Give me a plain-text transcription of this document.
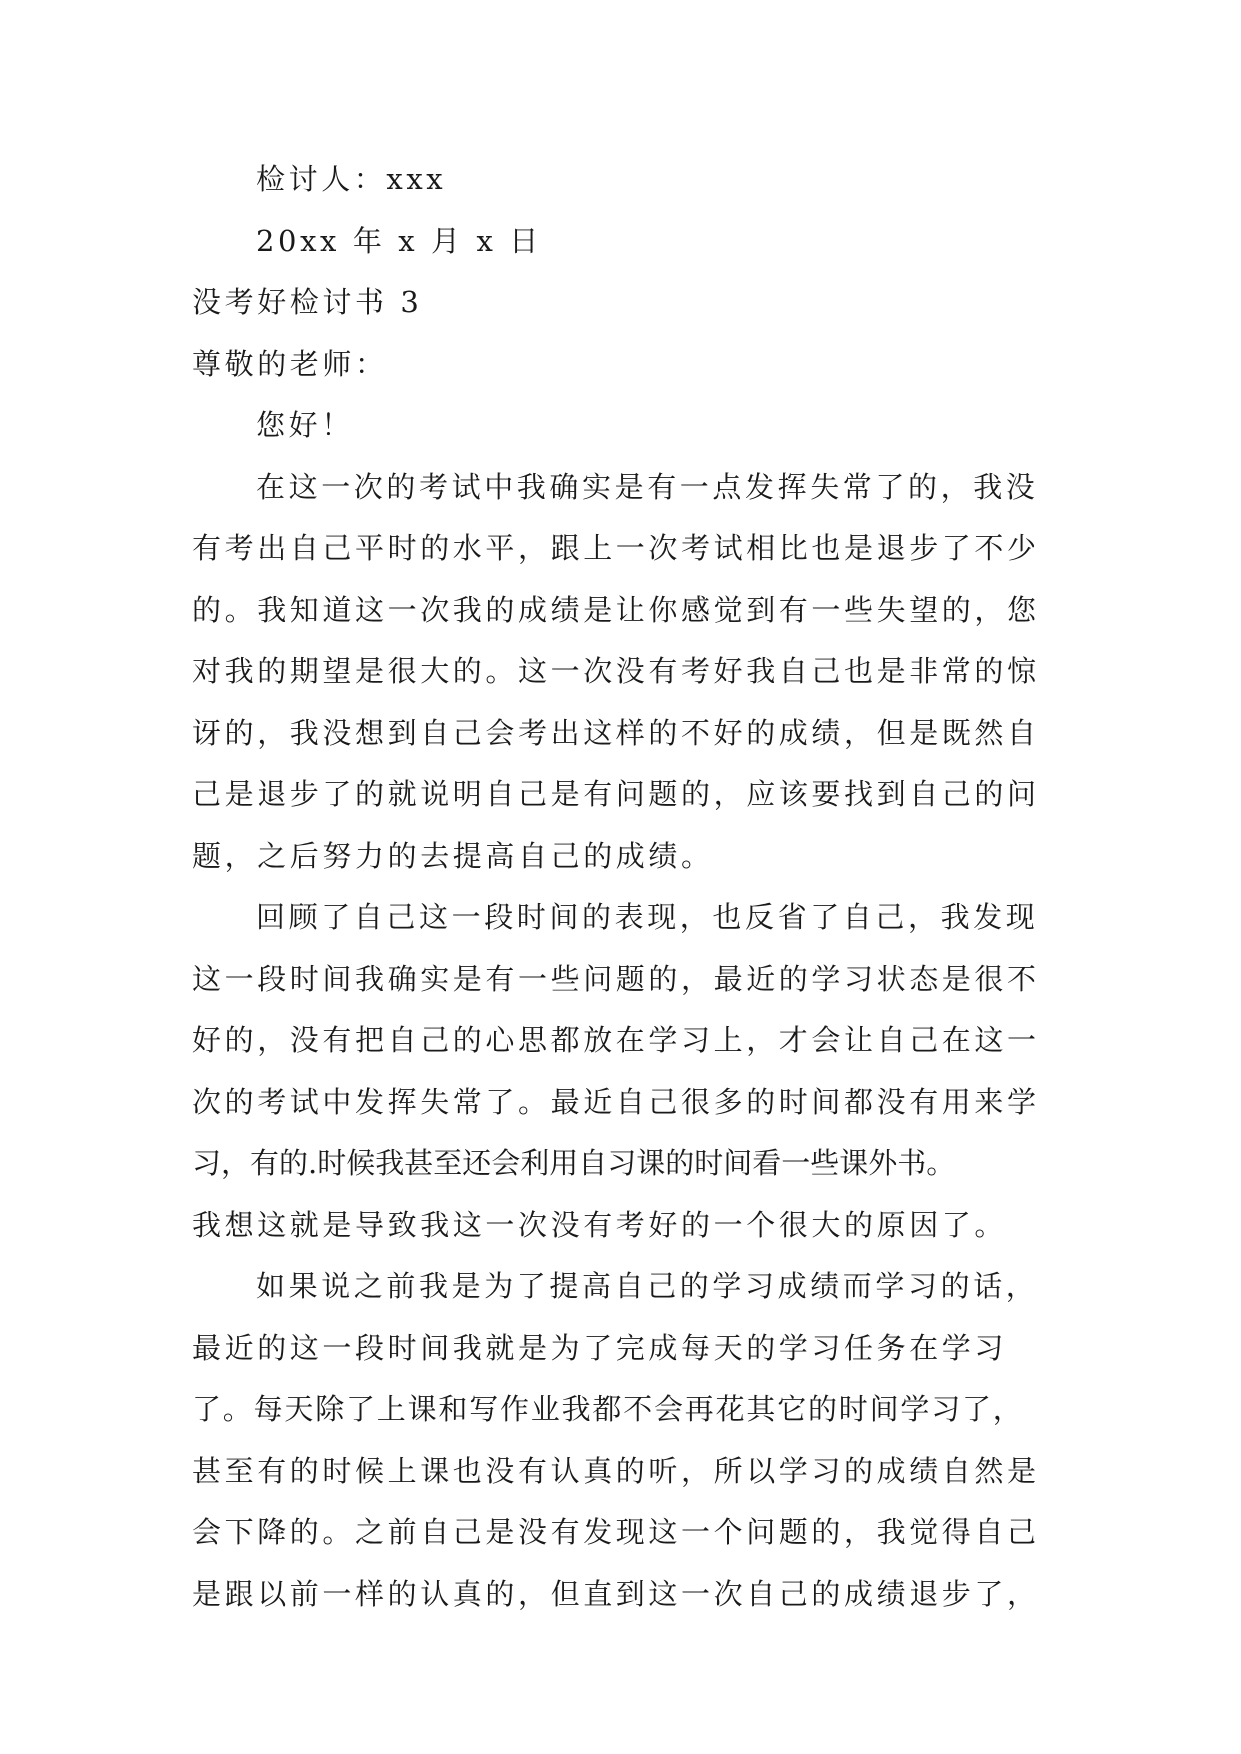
检讨人：xxx
20xx 年 x 月 x 日
没考好检讨书 3
尊敬的老师：
您好！
在这一次的考试中我确实是有一点发挥失常了的，我没
有考出自己平时的水平，跟上一次考试相比也是退步了不少
的。我知道这一次我的成绩是让你感觉到有一些失望的，您
对我的期望是很大的。这一次没有考好我自己也是非常的惊
讶的，我没想到自己会考出这样的不好的成绩，但是既然自
己是退步了的就说明自己是有问题的，应该要找到自己的问
题，之后努力的去提高自己的成绩。
回顾了自己这一段时间的表现，也反省了自己，我发现
这一段时间我确实是有一些问题的，最近的学习状态是很不
好的，没有把自己的心思都放在学习上，才会让自己在这一
次的考试中发挥失常了。最近自己很多的时间都没有用来学
习，有的.时候我甚至还会利用自习课的时间看一些课外书。
我想这就是导致我这一次没有考好的一个很大的原因了。
如果说之前我是为了提高自己的学习成绩而学习的话，
最近的这一段时间我就是为了完成每天的学习任务在学习
了。每天除了上课和写作业我都不会再花其它的时间学习了，
甚至有的时候上课也没有认真的听，所以学习的成绩自然是
会下降的。之前自己是没有发现这一个问题的，我觉得自己
是跟以前一样的认真的，但直到这一次自己的成绩退步了，
